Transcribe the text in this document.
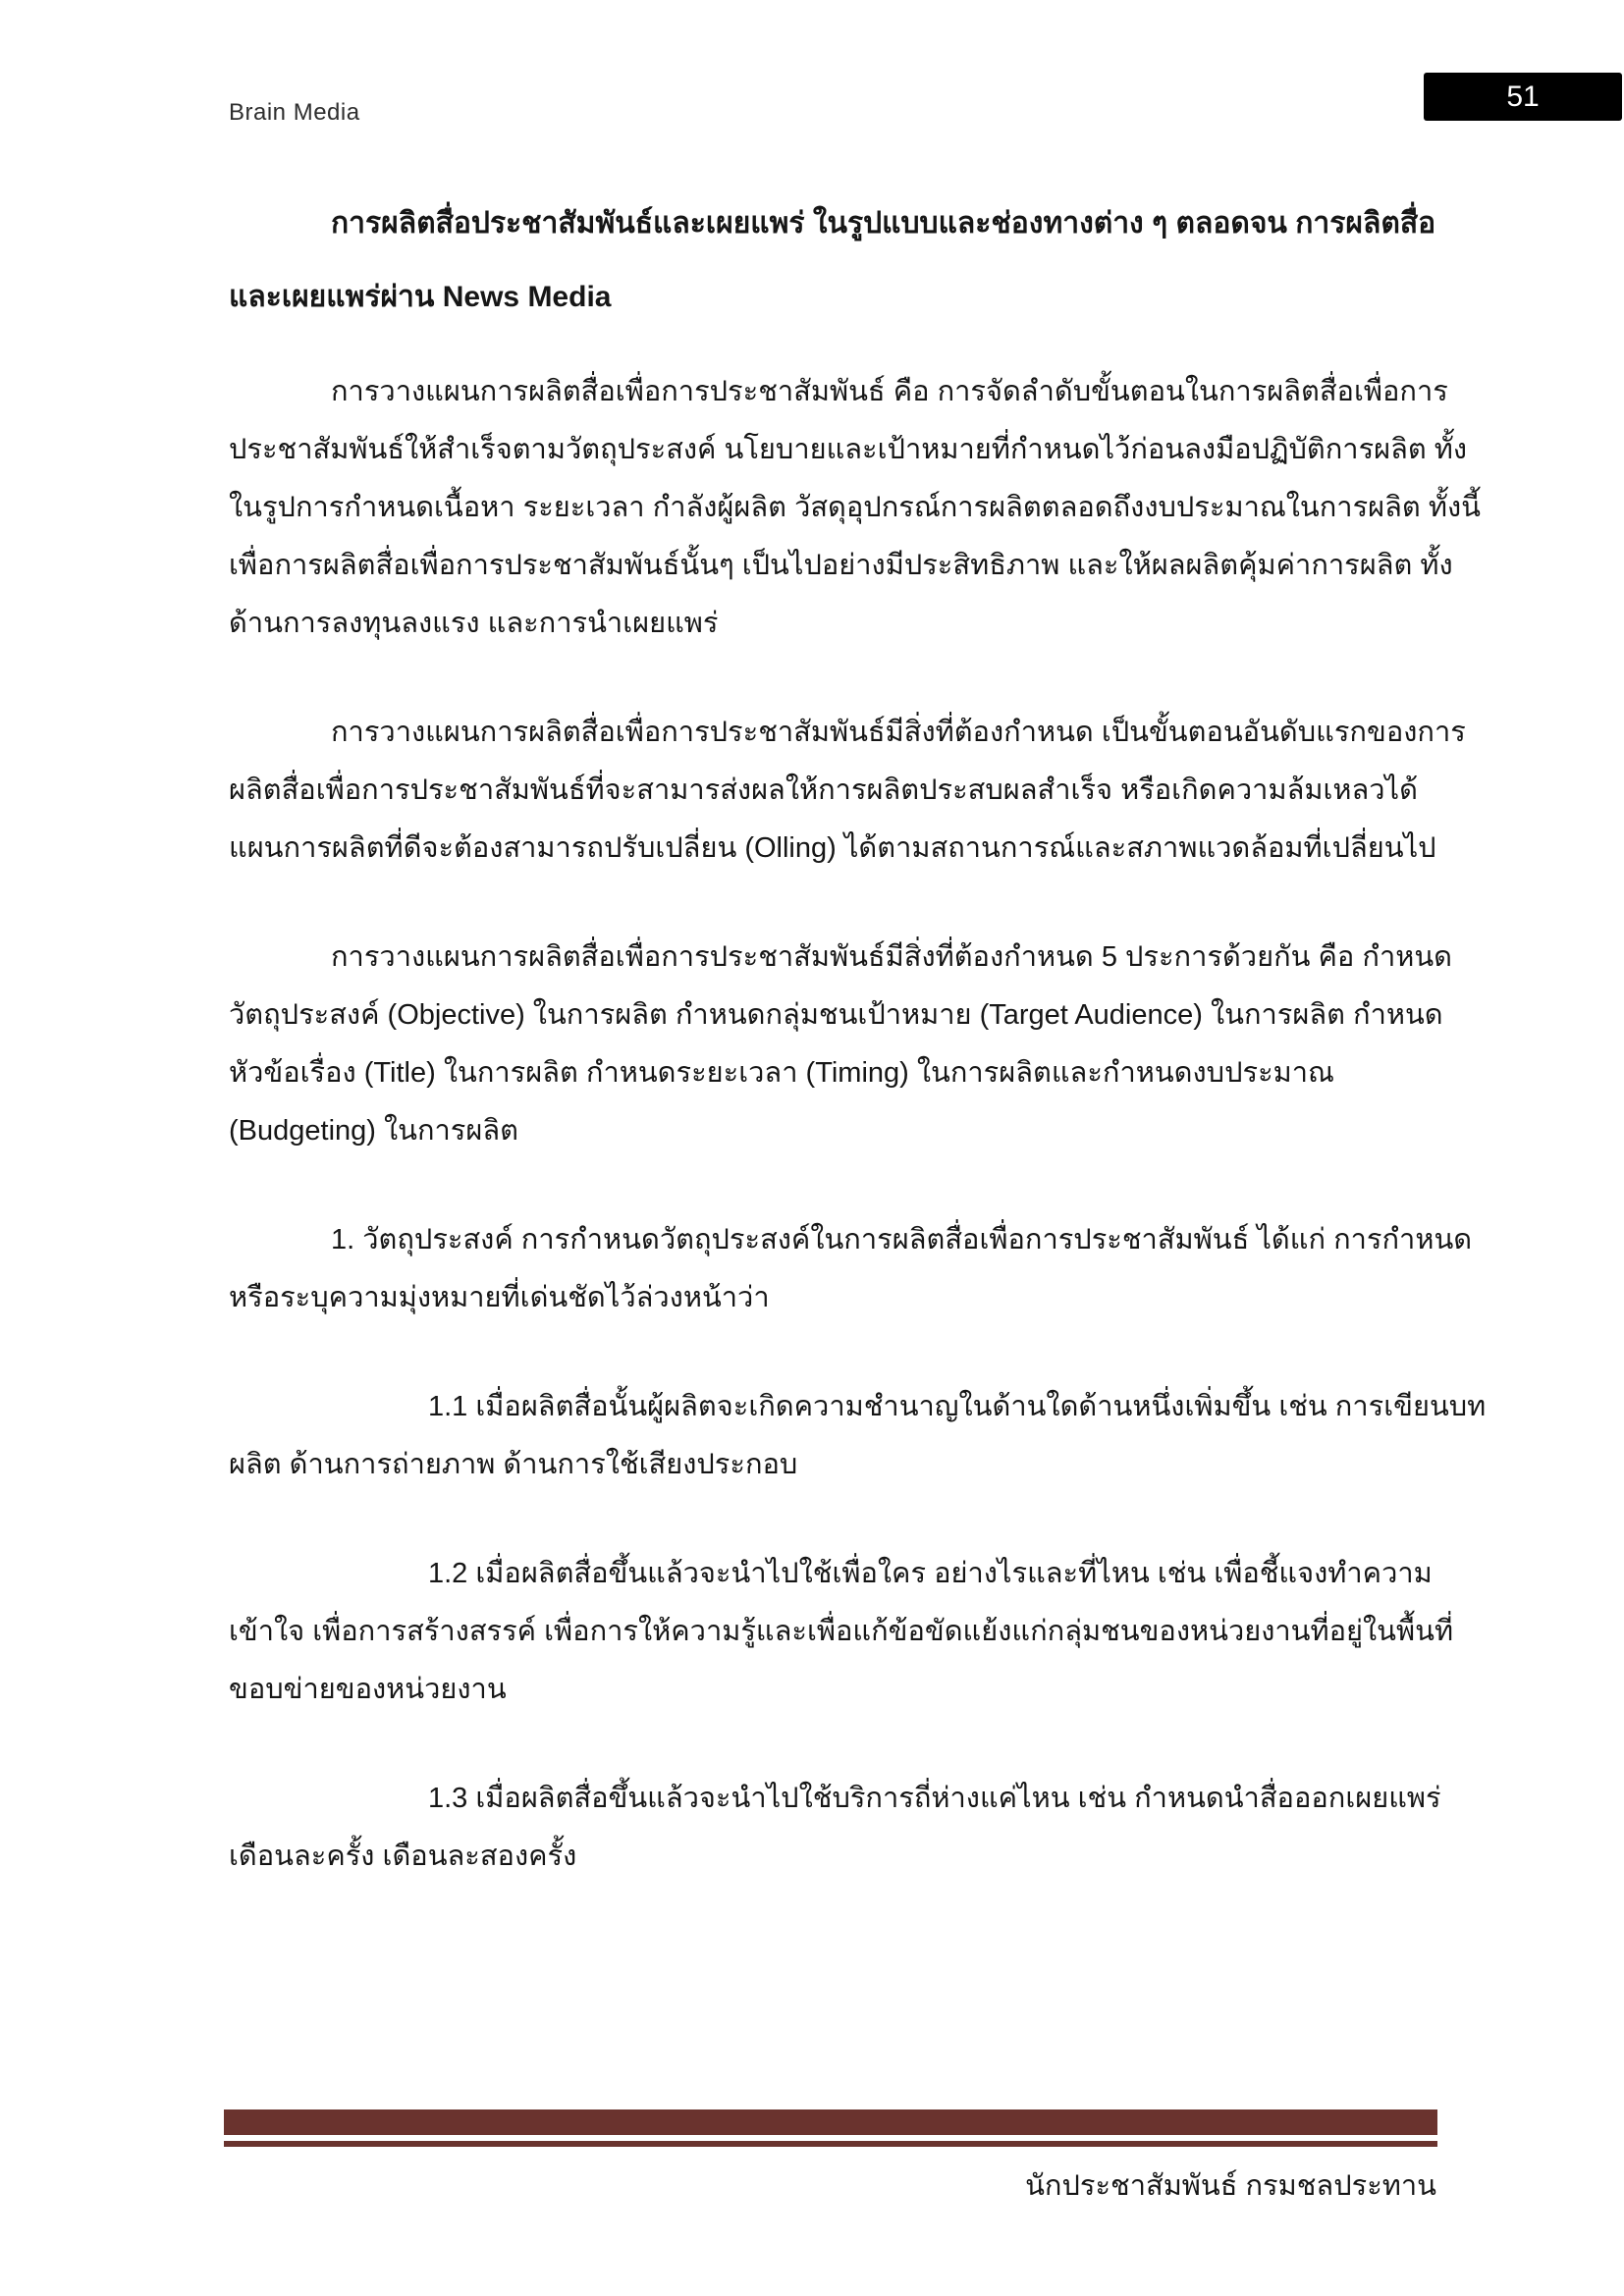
Brain Media	51
การผลิตสื่อประชาสัมพันธ์และเผยแพร่ ในรูปแบบและช่องทางต่าง ๆ ตลอดจน การผลิตสื่อ
และเผยแพร่ผ่าน News Media
การวางแผนการผลิตสื่อเพื่อการประชาสัมพันธ์ คือ การจัดลำดับขั้นตอนในการผลิตสื่อเพื่อการ
ประชาสัมพันธ์ให้สำเร็จตามวัตถุประสงค์ นโยบายและเป้าหมายที่กำหนดไว้ก่อนลงมือปฏิบัติการผลิต ทั้ง
ในรูปการกำหนดเนื้อหา ระยะเวลา กำลังผู้ผลิต วัสดุอุปกรณ์การผลิตตลอดถึงงบประมาณในการผลิต ทั้งนี้
เพื่อการผลิตสื่อเพื่อการประชาสัมพันธ์นั้นๆ เป็นไปอย่างมีประสิทธิภาพ และให้ผลผลิตคุ้มค่าการผลิต ทั้ง
ด้านการลงทุนลงแรง และการนำเผยแพร่
การวางแผนการผลิตสื่อเพื่อการประชาสัมพันธ์มีสิ่งที่ต้องกำหนด เป็นขั้นตอนอันดับแรกของการ
ผลิตสื่อเพื่อการประชาสัมพันธ์ที่จะสามารส่งผลให้การผลิตประสบผลสำเร็จ หรือเกิดความล้มเหลวได้
แผนการผลิตที่ดีจะต้องสามารถปรับเปลี่ยน (Olling) ได้ตามสถานการณ์และสภาพแวดล้อมที่เปลี่ยนไป
การวางแผนการผลิตสื่อเพื่อการประชาสัมพันธ์มีสิ่งที่ต้องกำหนด 5 ประการด้วยกัน คือ กำหนด
วัตถุประสงค์ (Objective) ในการผลิต กำหนดกลุ่มชนเป้าหมาย (Target Audience) ในการผลิต กำหนด
หัวข้อเรื่อง (Title) ในการผลิต กำหนดระยะเวลา (Timing) ในการผลิตและกำหนดงบประมาณ
(Budgeting) ในการผลิต
1. วัตถุประสงค์ การกำหนดวัตถุประสงค์ในการผลิตสื่อเพื่อการประชาสัมพันธ์ ได้แก่ การกำหนด
หรือระบุความมุ่งหมายที่เด่นชัดไว้ล่วงหน้าว่า
1.1 เมื่อผลิตสื่อนั้นผู้ผลิตจะเกิดความชำนาญในด้านใดด้านหนึ่งเพิ่มขึ้น เช่น การเขียนบท
ผลิต ด้านการถ่ายภาพ ด้านการใช้เสียงประกอบ
1.2 เมื่อผลิตสื่อขึ้นแล้วจะนำไปใช้เพื่อใคร อย่างไรและที่ไหน เช่น เพื่อชี้แจงทำความ
เข้าใจ เพื่อการสร้างสรรค์ เพื่อการให้ความรู้และเพื่อแก้ข้อขัดแย้งแก่กลุ่มชนของหน่วยงานที่อยู่ในพื้นที่
ขอบข่ายของหน่วยงาน
1.3 เมื่อผลิตสื่อขึ้นแล้วจะนำไปใช้บริการถี่ห่างแค่ไหน เช่น กำหนดนำสื่อออกเผยแพร่
เดือนละครั้ง เดือนละสองครั้ง
นักประชาสัมพันธ์ กรมชลประทาน
